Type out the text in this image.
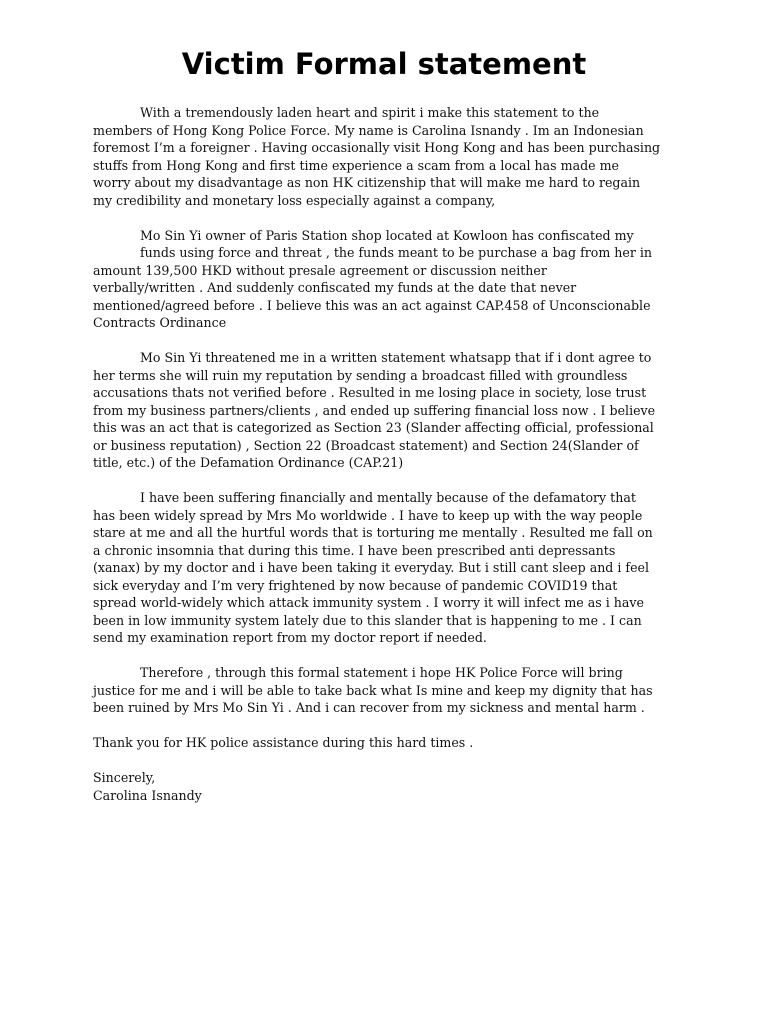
Victim Formal statement
With a tremendously laden heart and spirit i make this statement to the
members of Hong Kong Police Force. My name is Carolina Isnandy . Im an Indonesian
foremost I’m a foreigner . Having occasionally visit Hong Kong and has been purchasing
stuffs from Hong Kong and first time experience a scam from a local has made me
worry about my disadvantage as non HK citizenship that will make me hard to regain
my credibility and monetary loss especially against a company,
Mo Sin Yi owner of Paris Station shop located at Kowloon has confiscated my
funds using force and threat , the funds meant to be purchase a bag from her in
amount 139,500 HKD without presale agreement or discussion neither
verbally/written . And suddenly confiscated my funds at the date that never
mentioned/agreed before . I believe this was an act against CAP.458 of Unconscionable
Contracts Ordinance
Mo Sin Yi threatened me in a written statement whatsapp that if i dont agree to
her terms she will ruin my reputation by sending a broadcast filled with groundless
accusations thats not verified before . Resulted in me losing place in society, lose trust
from my business partners/clients , and ended up suffering financial loss now . I believe
this was an act that is categorized as Section 23 (Slander affecting official, professional
or business reputation) , Section 22 (Broadcast statement) and Section 24(Slander of
title, etc.) of the Defamation Ordinance (CAP.21)
I have been suffering financially and mentally because of the defamatory that
has been widely spread by Mrs Mo worldwide . I have to keep up with the way people
stare at me and all the hurtful words that is torturing me mentally . Resulted me fall on
a chronic insomnia that during this time. I have been prescribed anti depressants
(xanax) by my doctor and i have been taking it everyday. But i still cant sleep and i feel
sick everyday and I’m very frightened by now because of pandemic COVID19 that
spread world-widely which attack immunity system . I worry it will infect me as i have
been in low immunity system lately due to this slander that is happening to me . I can
send my examination report from my doctor report if needed.
Therefore , through this formal statement i hope HK Police Force will bring
justice for me and i will be able to take back what Is mine and keep my dignity that has
been ruined by Mrs Mo Sin Yi . And i can recover from my sickness and mental harm .
Thank you for HK police assistance during this hard times .
Sincerely,
Carolina Isnandy
